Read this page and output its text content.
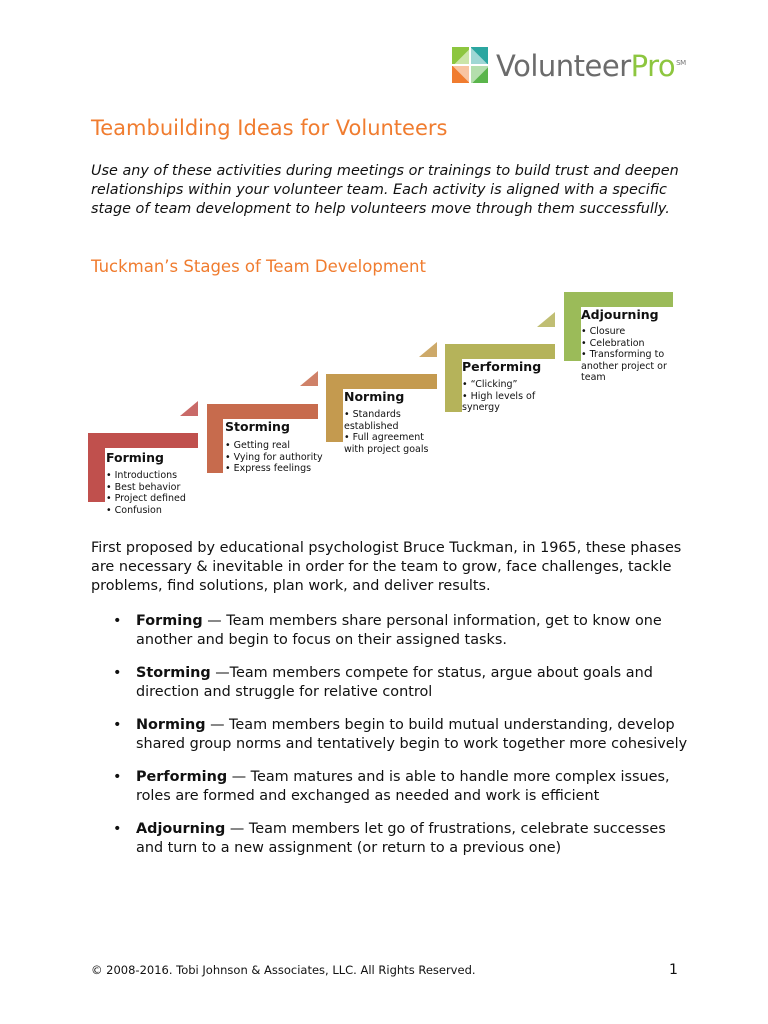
VolunteerPro℠
Teambuilding Ideas for Volunteers
Use any of these activities during meetings or trainings to build trust and deepen relationships within your volunteer team. Each activity is aligned with a specific stage of team development to help volunteers move through them successfully.
Tuckman’s Stages of Team Development
Forming
• Introductions
• Best behavior
• Project defined
• Confusion
Storming
• Getting real
• Vying for authority
• Express feelings
Norming
• Standards established
• Full agreement with project goals
Performing
• “Clicking”
• High levels of synergy
Adjourning
• Closure
• Celebration
• Transforming to another project or team
First proposed by educational psychologist Bruce Tuckman, in 1965, these phases are necessary & inevitable in order for the team to grow, face challenges, tackle problems, find solutions, plan work, and deliver results.
• Forming — Team members share personal information, get to know one another and begin to focus on their assigned tasks.
• Storming —Team members compete for status, argue about goals and direction and struggle for relative control
• Norming — Team members begin to build mutual understanding, develop shared group norms and tentatively begin to work together more cohesively
• Performing — Team matures and is able to handle more complex issues, roles are formed and exchanged as needed and work is efficient
• Adjourning — Team members let go of frustrations, celebrate successes and turn to a new assignment (or return to a previous one)
© 2008-2016. Tobi Johnson & Associates, LLC. All Rights Reserved.	1
